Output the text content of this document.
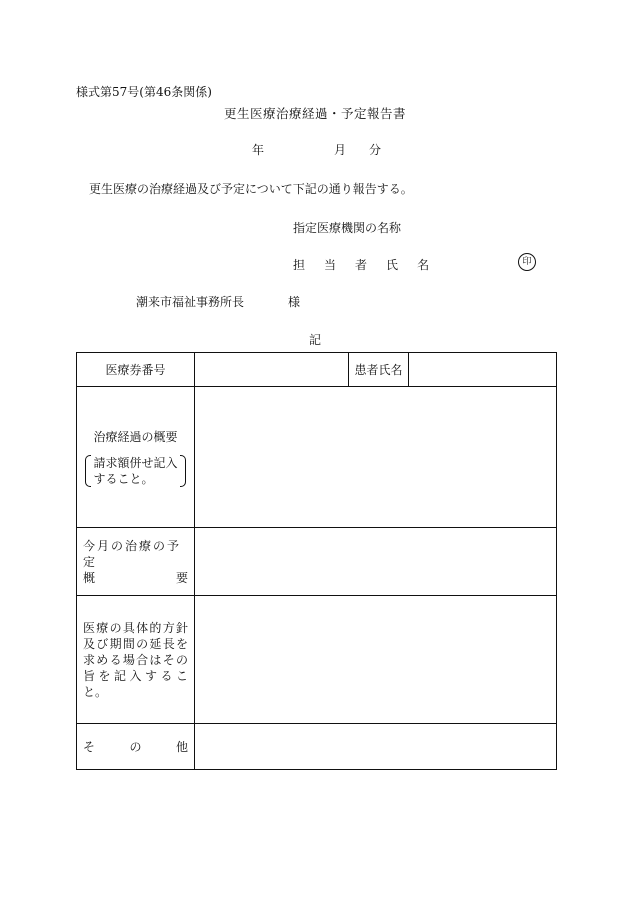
様式第57号(第46条関係)
更生医療治療経過・予定報告書
年	月 分
更生医療の治療経過及び予定について下記の通り報告する。
指定医療機関の名称
担 当 者 氏 名	印
潮来市福祉事務所長	様
記
医療券番号		患者氏名	

治療経過の概要
請求額併せ記入
すること。			

今月の治療の予定
概 要			

医療の具体的方針及び期間の延長を求める場合はその旨を記入すること。			

そ の 他			
